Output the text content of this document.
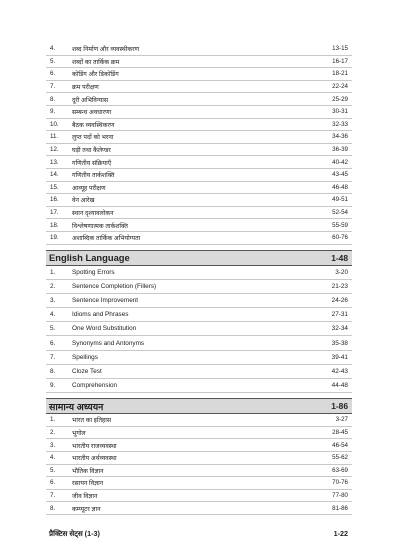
4.	शब्द निर्माण और व्यवस्थीकरण	13-15
5.	शब्दों का तार्किक क्रम	16-17
6.	कोडिंग और डिकोडिंग	18-21
7.	क्रम परीक्षण	22-24
8.	दूरी अभिविन्यास	25-29
9.	सम्बन्ध अवधारणा	30-31
10.	बैठक व्यवस्थिकरण	32-33
11.	लुप्त पदों को भरना	34-36
12.	घड़ी तथा कैलेण्डर	36-39
13.	गणितीय संक्रियाएँ	40-42
14.	गणितीय तार्कशक्ति	43-45
15.	आव्यूह परीक्षण	46-48
16.	वेन आरेख	49-51
17.	स्थान दृश्यावलोकन	52-54
18.	विश्लेषणात्मक तार्कशक्ति	55-59
19.	अशाब्दिक तार्किक अभियोग्यता	60-76
English Language	1-48
1.	Spotting Errors	3-20
2.	Sentence Completion (Fillers)	21-23
3.	Sentence Improvement	24-26
4.	Idioms and Phrases	27-31
5.	One Word Substitution	32-34
6.	Synonyms and Antonyms	35-38
7.	Spellings	39-41
8.	Cloze Test	42-43
9.	Comprehension	44-48
सामान्य अध्ययन	1-86
1.	भारत का इतिहास	3-27
2.	भूगोल	28-45
3.	भारतीय राजव्यवस्था	46-54
4.	भारतीय अर्थव्यवस्था	55-62
5.	भौतिक विज्ञान	63-69
6.	रसायन विज्ञान	70-76
7.	जीव विज्ञान	77-80
8.	कम्प्यूटर ज्ञान	81-86
प्रैक्टिस सेट्स (1-3)	1-22
